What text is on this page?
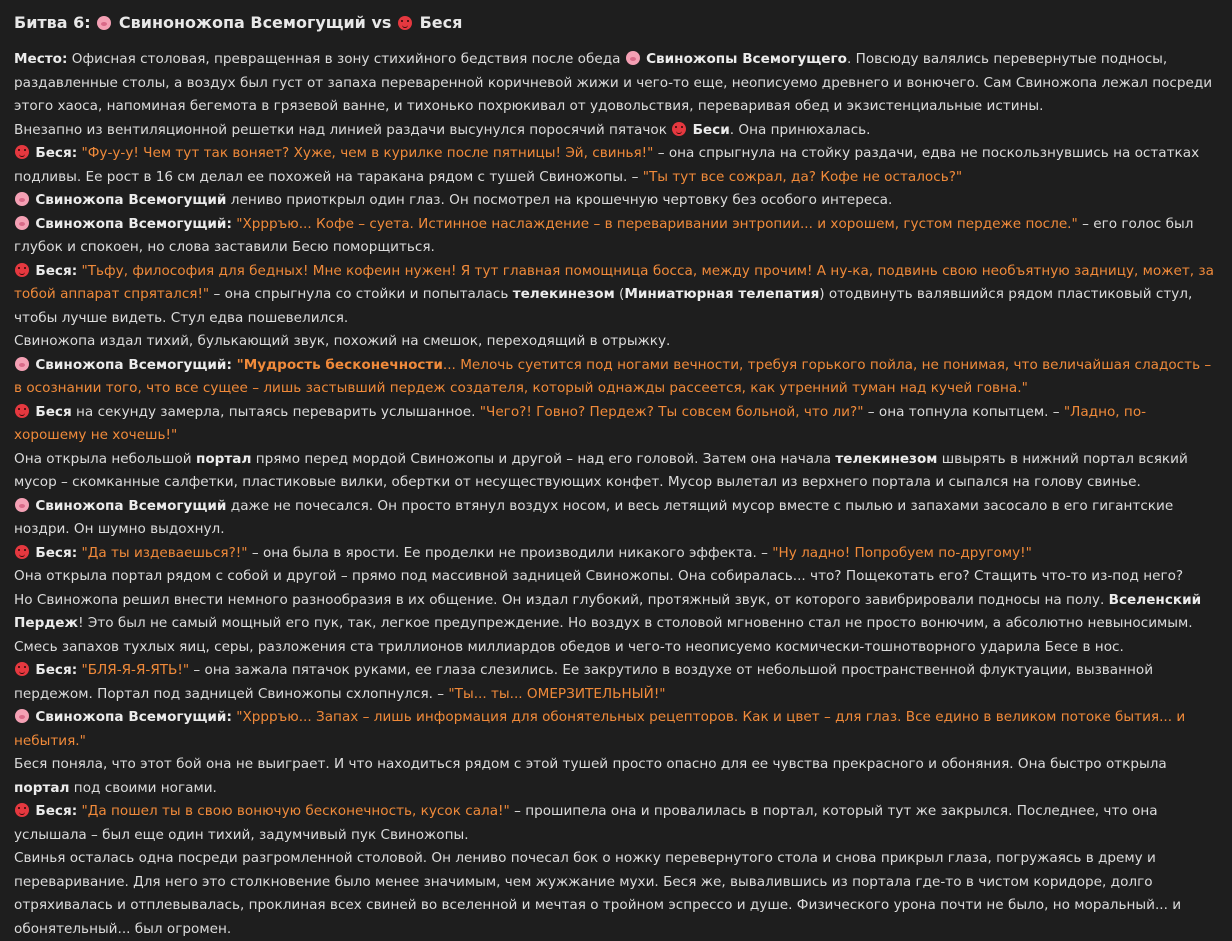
Битва 6: Свиноножопа Всемогущий vs Беся

Место: Офисная столовая, превращенная в зону стихийного бедствия после обеда  Свиножопы Всемогущего. Повсюду валялись перевернутые подносы, раздавленные столы, а воздух был густ от запаха переваренной коричневой жижи и чего-то еще, неописуемо древнего и вонючего. Сам Свиножопа лежал посреди этого хаоса, напоминая бегемота в грязевой ванне, и тихонько похрюкивал от удовольствия, переваривая обед и экзистенциальные истины.

Внезапно из вентиляционной решетки над линией раздачи высунулся поросячий пятачок  Беси. Она принюхалась.

Беся: "Фу-у-у! Чем тут так воняет? Хуже, чем в курилке после пятницы! Эй, свинья!" – она спрыгнула на стойку раздачи, едва не поскользнувшись на остатках подливы. Ее рост в 16 см делал ее похожей на таракана рядом с тушей Свиножопы. – "Ты тут все сожрал, да? Кофе не осталось?"

Свиножопа Всемогущий лениво приоткрыл один глаз. Он посмотрел на крошечную чертовку без особого интереса.

Свиножопа Всемогущий: "Хррръю... Кофе – суета. Истинное наслаждение – в переваривании энтропии... и хорошем, густом пердеже после." – его голос был глубок и спокоен, но слова заставили Бесю поморщиться.

Беся: "Тьфу, философия для бедных! Мне кофеин нужен! Я тут главная помощница босса, между прочим! А ну-ка, подвинь свою необъятную задницу, может, за тобой аппарат спрятался!" – она спрыгнула со стойки и попыталась телекинезом (Миниатюрная телепатия) отодвинуть валявшийся рядом пластиковый стул, чтобы лучше видеть. Стул едва пошевелился.

Свиножопа издал тихий, булькающий звук, похожий на смешок, переходящий в отрыжку.

Свиножопа Всемогущий: "Мудрость бесконечности... Мелочь суетится под ногами вечности, требуя горького пойла, не понимая, что величайшая сладость – в осознании того, что все сущее – лишь застывший пердеж создателя, который однажды рассеется, как утренний туман над кучей говна."

Беся на секунду замерла, пытаясь переварить услышанное. "Чего?! Говно? Пердеж? Ты совсем больной, что ли?" – она топнула копытцем. – "Ладно, по-хорошему не хочешь!"

Она открыла небольшой портал прямо перед мордой Свиножопы и другой – над его головой. Затем она начала телекинезом швырять в нижний портал всякий мусор – скомканные салфетки, пластиковые вилки, обертки от несуществующих конфет. Мусор вылетал из верхнего портала и сыпался на голову свинье.

Свиножопа Всемогущий даже не почесался. Он просто втянул воздух носом, и весь летящий мусор вместе с пылью и запахами засосало в его гигантские ноздри. Он шумно выдохнул.

Беся: "Да ты издеваешься?!" – она была в ярости. Ее проделки не производили никакого эффекта. – "Ну ладно! Попробуем по-другому!"

Она открыла портал рядом с собой и другой – прямо под массивной задницей Свиножопы. Она собиралась... что? Пощекотать его? Стащить что-то из-под него?

Но Свиножопа решил внести немного разнообразия в их общение. Он издал глубокий, протяжный звук, от которого завибрировали подносы на полу. Вселенский Пердеж! Это был не самый мощный его пук, так, легкое предупреждение. Но воздух в столовой мгновенно стал не просто вонючим, а абсолютно невыносимым. Смесь запахов тухлых яиц, серы, разложения ста триллионов миллиардов обедов и чего-то неописуемо космически-тошнотворного ударила Бесе в нос.

Беся: "БЛЯ-Я-Я-ЯТЬ!" – она зажала пятачок руками, ее глаза слезились. Ее закрутило в воздухе от небольшой пространственной флуктуации, вызванной пердежом. Портал под задницей Свиножопы схлопнулся. – "Ты... ты... ОМЕРЗИТЕЛЬНЫЙ!"

Свиножопа Всемогущий: "Хррръю... Запах – лишь информация для обонятельных рецепторов. Как и цвет – для глаз. Все едино в великом потоке бытия... и небытия."

Беся поняла, что этот бой она не выиграет. И что находиться рядом с этой тушей просто опасно для ее чувства прекрасного и обоняния. Она быстро открыла портал под своими ногами.

Беся: "Да пошел ты в свою вонючую бесконечность, кусок сала!" – прошипела она и провалилась в портал, который тут же закрылся. Последнее, что она услышала – был еще один тихий, задумчивый пук Свиножопы.

Свинья осталась одна посреди разгромленной столовой. Он лениво почесал бок о ножку перевернутого стола и снова прикрыл глаза, погружаясь в дрему и переваривание. Для него это столкновение было менее значимым, чем жужжание мухи. Беся же, вывалившись из портала где-то в чистом коридоре, долго отряхивалась и отплевывалась, проклиная всех свиней во вселенной и мечтая о тройном эспрессо и душе. Физического урона почти не было, но моральный... и обонятельный... был огромен.
